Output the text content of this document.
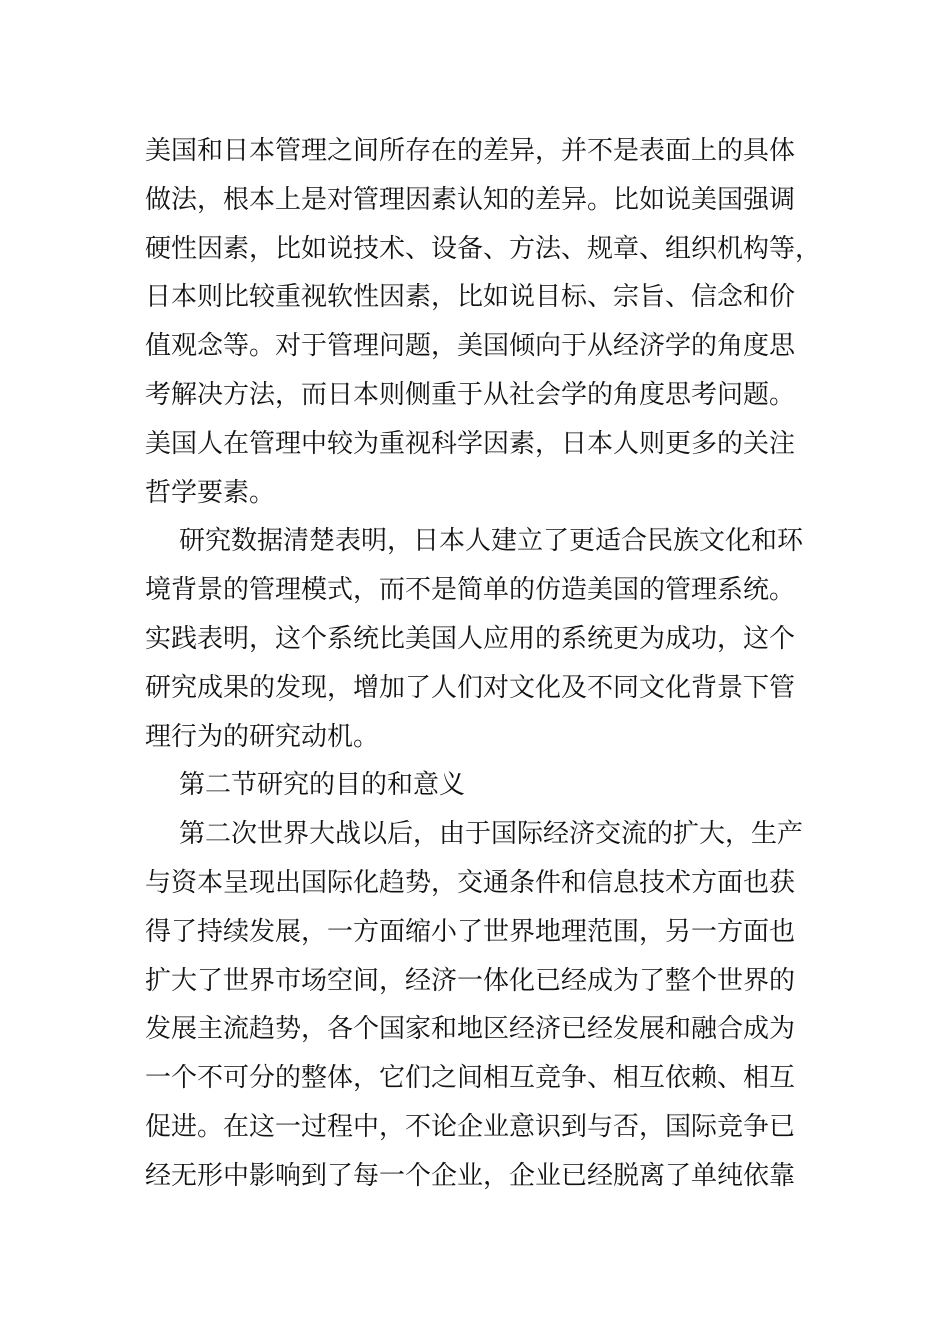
美国和日本管理之间所存在的差异，并不是表面上的具体
做法，根本上是对管理因素认知的差异。比如说美国强调
硬性因素，比如说技术、设备、方法、规章、组织机构等，
日本则比较重视软性因素，比如说目标、宗旨、信念和价
值观念等。对于管理问题，美国倾向于从经济学的角度思
考解决方法，而日本则侧重于从社会学的角度思考问题。
美国人在管理中较为重视科学因素，日本人则更多的关注
哲学要素。
研究数据清楚表明，日本人建立了更适合民族文化和环
境背景的管理模式，而不是简单的仿造美国的管理系统。
实践表明，这个系统比美国人应用的系统更为成功，这个
研究成果的发现，增加了人们对文化及不同文化背景下管
理行为的研究动机。
第二节研究的目的和意义
第二次世界大战以后，由于国际经济交流的扩大，生产
与资本呈现出国际化趋势，交通条件和信息技术方面也获
得了持续发展，一方面缩小了世界地理范围，另一方面也
扩大了世界市场空间，经济一体化已经成为了整个世界的
发展主流趋势，各个国家和地区经济已经发展和融合成为
一个不可分的整体，它们之间相互竞争、相互依赖、相互
促进。在这一过程中，不论企业意识到与否，国际竞争已
经无形中影响到了每一个企业，企业已经脱离了单纯依靠
